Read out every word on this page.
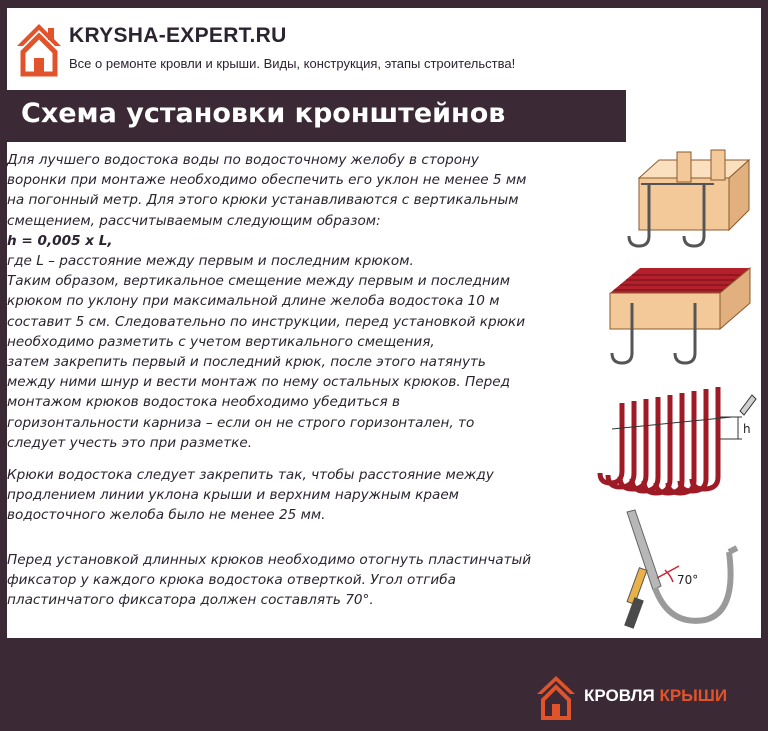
KRYSHA-EXPERT.RU
Все о ремонте кровли и крыши. Виды, конструкция, этапы строительства!
Схема установки кронштейнов

Для лучшего водостока воды по водосточному желобу в сторону

воронки при монтаже необходимо обеспечить его уклон не менее 5 мм

на погонный метр. Для этого крюки устанавливаются с вертикальным

смещением, рассчитываемым следующим образом:

h = 0,005 x L,

где L – расстояние между первым и последним крюком.

Таким образом, вертикальное смещение между первым и последним

крюком по уклону при максимальной длине желоба водостока 10 м

составит 5 см. Следовательно по инструкции, перед установкой крюки

необходимо разметить с учетом вертикального смещения,

затем закрепить первый и последний крюк, после этого натянуть

между ними шнур и вести монтаж по нему остальных крюков. Перед

монтажом крюков водостока необходимо убедиться в

горизонтальности карниза – если он не строго горизонтален, то

следует учесть это при разметке.

Крюки водостока следует закрепить так, чтобы расстояние между

продлением линии уклона крыши и верхним наружным краем

водосточного желоба было не менее 25 мм.

Перед установкой длинных крюков необходимо отогнуть пластинчатый

фиксатор у каждого крюка водостока отверткой. Угол отгиба

пластинчатого фиксатора должен составлять 70°.

h
70°
КРОВЛЯ КРЫШИ
